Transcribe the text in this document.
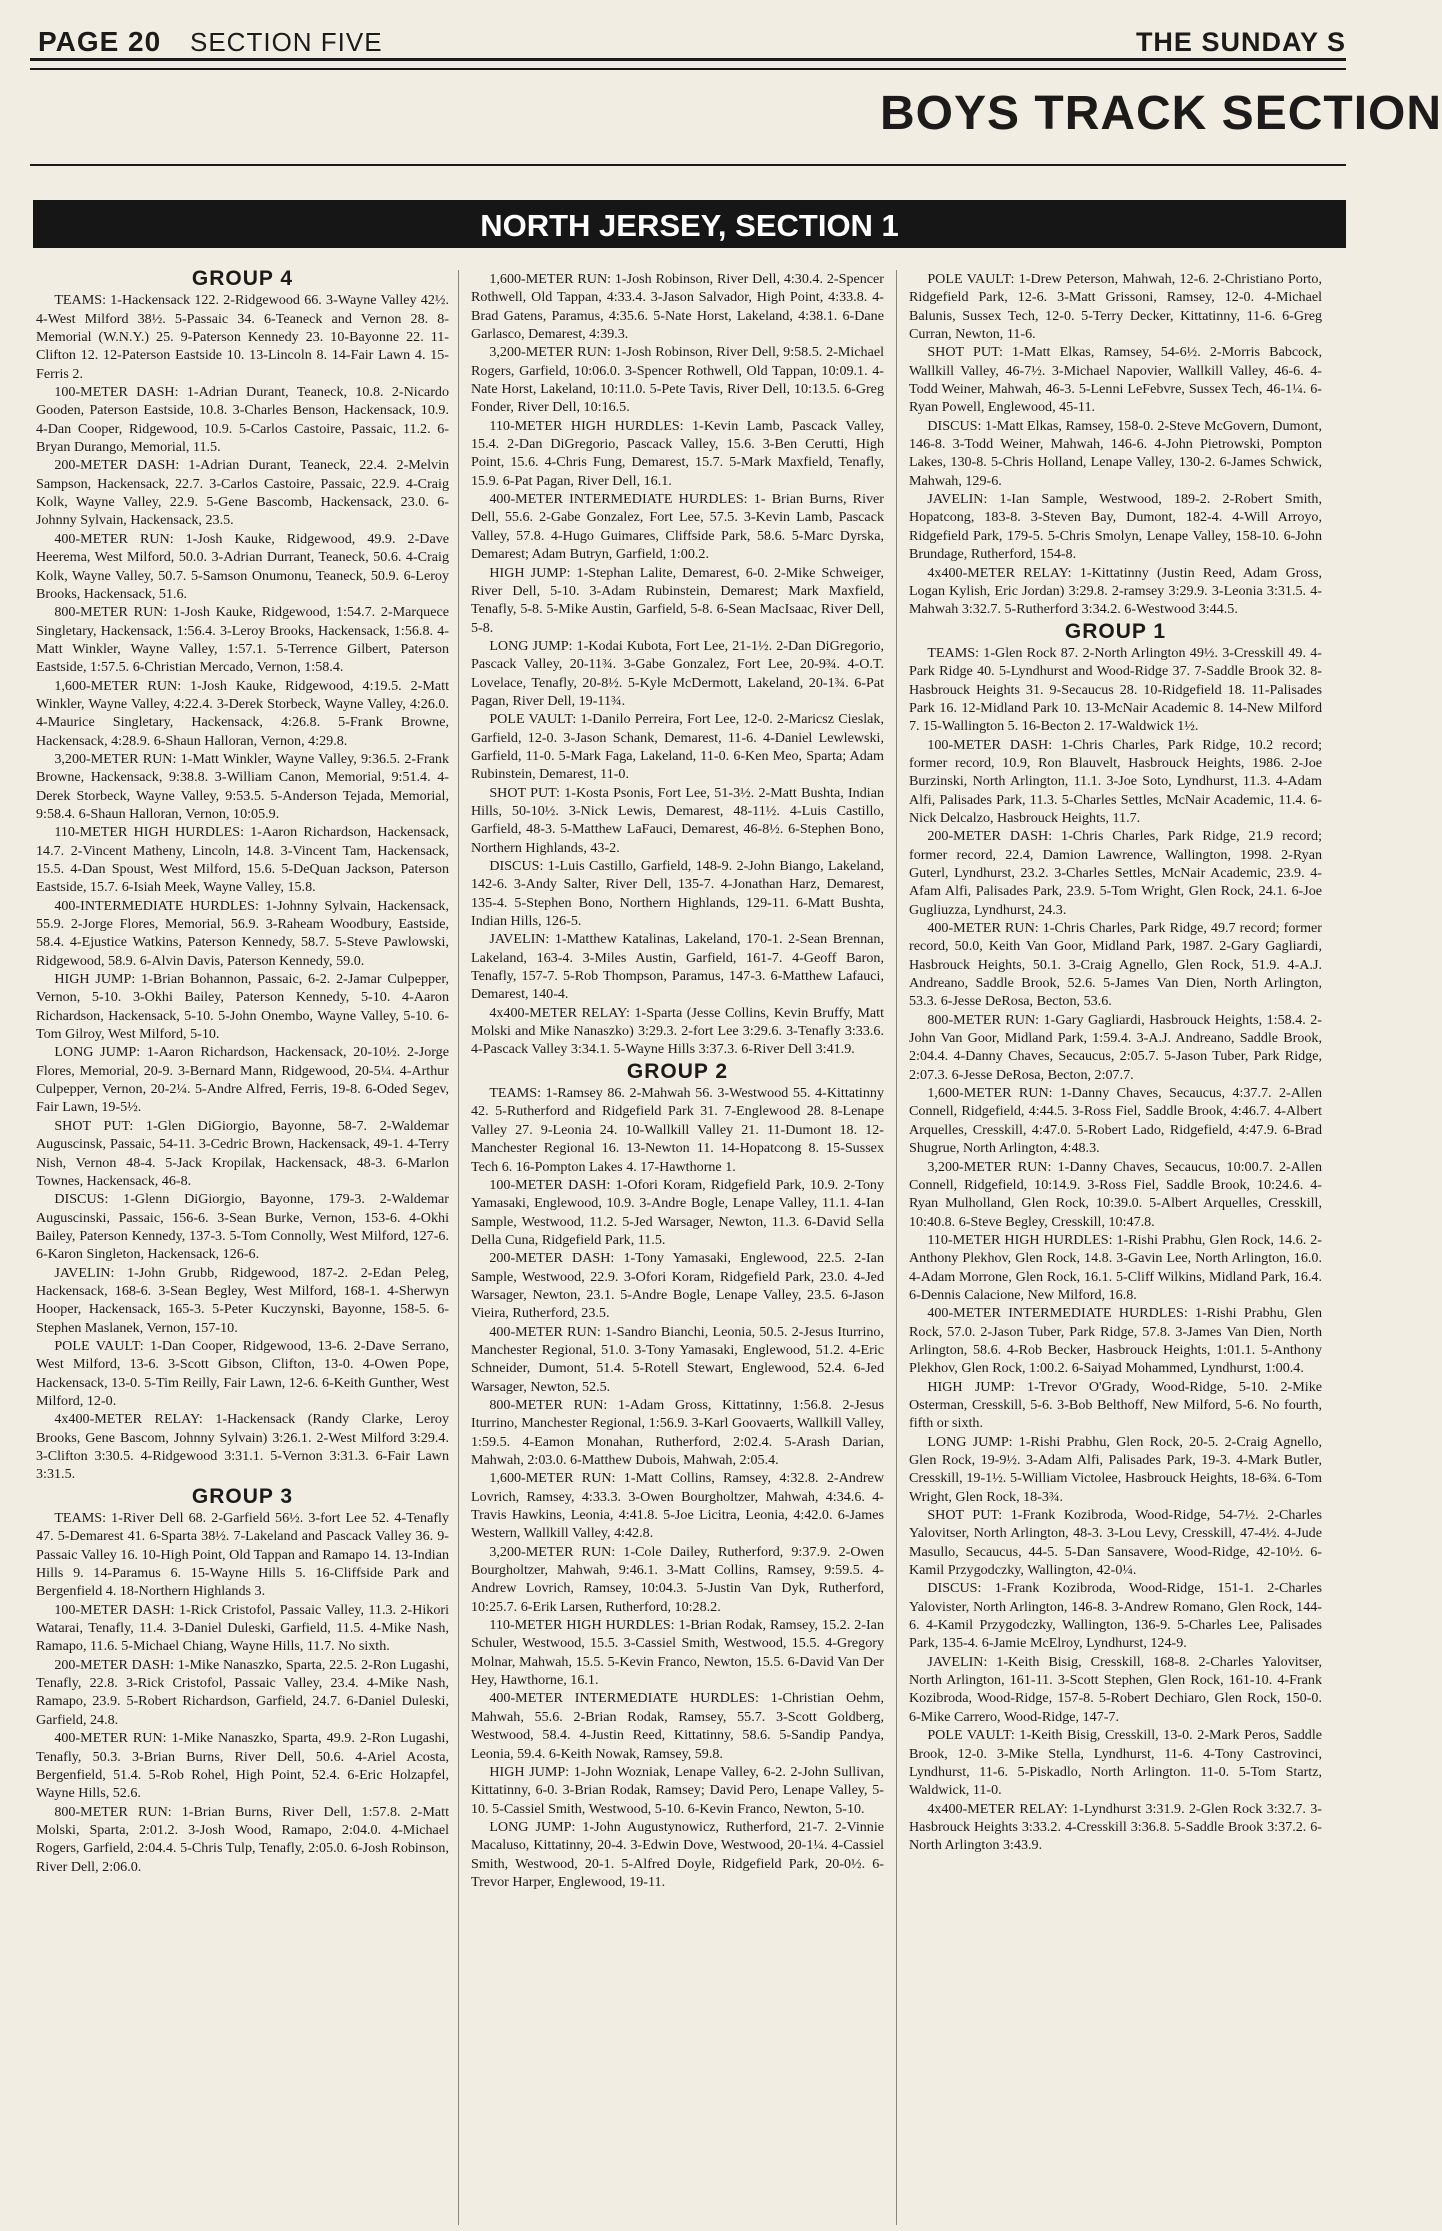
PAGE 20 SECTION FIVE	THE SUNDAY S
BOYS TRACK SECTION
NORTH JERSEY, SECTION 1
GROUP 4

TEAMS: 1-Hackensack 122. 2-Ridgewood 66. 3-Wayne Valley 42½. 4-West Milford 38½. 5-Passaic 34. 6-Teaneck and Vernon 28. 8-Memorial (W.N.Y.) 25. 9-Paterson Kennedy 23. 10-Bayonne 22. 11-Clifton 12. 12-Paterson Eastside 10. 13-Lincoln 8. 14-Fair Lawn 4. 15-Ferris 2.

100-METER DASH: 1-Adrian Durant, Teaneck, 10.8. 2-Nicardo Gooden, Paterson Eastside, 10.8. 3-Charles Benson, Hackensack, 10.9. 4-Dan Cooper, Ridgewood, 10.9. 5-Carlos Castoire, Passaic, 11.2. 6-Bryan Durango, Memorial, 11.5.

200-METER DASH: 1-Adrian Durant, Teaneck, 22.4. 2-Melvin Sampson, Hackensack, 22.7. 3-Carlos Castoire, Passaic, 22.9. 4-Craig Kolk, Wayne Valley, 22.9. 5-Gene Bascomb, Hackensack, 23.0. 6-Johnny Sylvain, Hackensack, 23.5.

400-METER RUN: 1-Josh Kauke, Ridgewood, 49.9. 2-Dave Heerema, West Milford, 50.0. 3-Adrian Durrant, Teaneck, 50.6. 4-Craig Kolk, Wayne Valley, 50.7. 5-Samson Onumonu, Teaneck, 50.9. 6-Leroy Brooks, Hackensack, 51.6.

800-METER RUN: 1-Josh Kauke, Ridgewood, 1:54.7. 2-Marquece Singletary, Hackensack, 1:56.4. 3-Leroy Brooks, Hackensack, 1:56.8. 4-Matt Winkler, Wayne Valley, 1:57.1. 5-Terrence Gilbert, Paterson Eastside, 1:57.5. 6-Christian Mercado, Vernon, 1:58.4.

1,600-METER RUN: 1-Josh Kauke, Ridgewood, 4:19.5. 2-Matt Winkler, Wayne Valley, 4:22.4. 3-Derek Storbeck, Wayne Valley, 4:26.0. 4-Maurice Singletary, Hackensack, 4:26.8. 5-Frank Browne, Hackensack, 4:28.9. 6-Shaun Halloran, Vernon, 4:29.8.

3,200-METER RUN: 1-Matt Winkler, Wayne Valley, 9:36.5. 2-Frank Browne, Hackensack, 9:38.8. 3-William Canon, Memorial, 9:51.4. 4-Derek Storbeck, Wayne Valley, 9:53.5. 5-Anderson Tejada, Memorial, 9:58.4. 6-Shaun Halloran, Vernon, 10:05.9.

110-METER HIGH HURDLES: 1-Aaron Richardson, Hackensack, 14.7. 2-Vincent Matheny, Lincoln, 14.8. 3-Vincent Tam, Hackensack, 15.5. 4-Dan Spoust, West Milford, 15.6. 5-DeQuan Jackson, Paterson Eastside, 15.7. 6-Isiah Meek, Wayne Valley, 15.8.

400-INTERMEDIATE HURDLES: 1-Johnny Sylvain, Hackensack, 55.9. 2-Jorge Flores, Memorial, 56.9. 3-Raheam Woodbury, Eastside, 58.4. 4-Ejustice Watkins, Paterson Kennedy, 58.7. 5-Steve Pawlowski, Ridgewood, 58.9. 6-Alvin Davis, Paterson Kennedy, 59.0.

HIGH JUMP: 1-Brian Bohannon, Passaic, 6-2. 2-Jamar Culpepper, Vernon, 5-10. 3-Okhi Bailey, Paterson Kennedy, 5-10. 4-Aaron Richardson, Hackensack, 5-10. 5-John Onembo, Wayne Valley, 5-10. 6-Tom Gilroy, West Milford, 5-10.

LONG JUMP: 1-Aaron Richardson, Hackensack, 20-10½. 2-Jorge Flores, Memorial, 20-9. 3-Bernard Mann, Ridgewood, 20-5¼. 4-Arthur Culpepper, Vernon, 20-2¼. 5-Andre Alfred, Ferris, 19-8. 6-Oded Segev, Fair Lawn, 19-5½.

SHOT PUT: 1-Glen DiGiorgio, Bayonne, 58-7. 2-Waldemar Auguscinsk, Passaic, 54-11. 3-Cedric Brown, Hackensack, 49-1. 4-Terry Nish, Vernon 48-4. 5-Jack Kropilak, Hackensack, 48-3. 6-Marlon Townes, Hackensack, 46-8.

DISCUS: 1-Glenn DiGiorgio, Bayonne, 179-3. 2-Waldemar Auguscinski, Passaic, 156-6. 3-Sean Burke, Vernon, 153-6. 4-Okhi Bailey, Paterson Kennedy, 137-3. 5-Tom Connolly, West Milford, 127-6. 6-Karon Singleton, Hackensack, 126-6.

JAVELIN: 1-John Grubb, Ridgewood, 187-2. 2-Edan Peleg, Hackensack, 168-6. 3-Sean Begley, West Milford, 168-1. 4-Sherwyn Hooper, Hackensack, 165-3. 5-Peter Kuczynski, Bayonne, 158-5. 6-Stephen Maslanek, Vernon, 157-10.

POLE VAULT: 1-Dan Cooper, Ridgewood, 13-6. 2-Dave Serrano, West Milford, 13-6. 3-Scott Gibson, Clifton, 13-0. 4-Owen Pope, Hackensack, 13-0. 5-Tim Reilly, Fair Lawn, 12-6. 6-Keith Gunther, West Milford, 12-0.

4x400-METER RELAY: 1-Hackensack (Randy Clarke, Leroy Brooks, Gene Bascom, Johnny Sylvain) 3:26.1. 2-West Milford 3:29.4. 3-Clifton 3:30.5. 4-Ridgewood 3:31.1. 5-Vernon 3:31.3. 6-Fair Lawn 3:31.5.

GROUP 3

TEAMS: 1-River Dell 68. 2-Garfield 56½. 3-fort Lee 52. 4-Tenafly 47. 5-Demarest 41. 6-Sparta 38½. 7-Lakeland and Pascack Valley 36. 9-Passaic Valley 16. 10-High Point, Old Tappan and Ramapo 14. 13-Indian Hills 9. 14-Paramus 6. 15-Wayne Hills 5. 16-Cliffside Park and Bergenfield 4. 18-Northern Highlands 3.

100-METER DASH: 1-Rick Cristofol, Passaic Valley, 11.3. 2-Hikori Watarai, Tenafly, 11.4. 3-Daniel Duleski, Garfield, 11.5. 4-Mike Nash, Ramapo, 11.6. 5-Michael Chiang, Wayne Hills, 11.7. No sixth.

200-METER DASH: 1-Mike Nanaszko, Sparta, 22.5. 2-Ron Lugashi, Tenafly, 22.8. 3-Rick Cristofol, Passaic Valley, 23.4. 4-Mike Nash, Ramapo, 23.9. 5-Robert Richardson, Garfield, 24.7. 6-Daniel Duleski, Garfield, 24.8.

400-METER RUN: 1-Mike Nanaszko, Sparta, 49.9. 2-Ron Lugashi, Tenafly, 50.3. 3-Brian Burns, River Dell, 50.6. 4-Ariel Acosta, Bergenfield, 51.4. 5-Rob Rohel, High Point, 52.4. 6-Eric Holzapfel, Wayne Hills, 52.6.

800-METER RUN: 1-Brian Burns, River Dell, 1:57.8. 2-Matt Molski, Sparta, 2:01.2. 3-Josh Wood, Ramapo, 2:04.0. 4-Michael Rogers, Garfield, 2:04.4. 5-Chris Tulp, Tenafly, 2:05.0. 6-Josh Robinson, River Dell, 2:06.0.

1,600-METER RUN: 1-Josh Robinson, River Dell, 4:30.4. 2-Spencer Rothwell, Old Tappan, 4:33.4. 3-Jason Salvador, High Point, 4:33.8. 4-Brad Gatens, Paramus, 4:35.6. 5-Nate Horst, Lakeland, 4:38.1. 6-Dane Garlasco, Demarest, 4:39.3.

3,200-METER RUN: 1-Josh Robinson, River Dell, 9:58.5. 2-Michael Rogers, Garfield, 10:06.0. 3-Spencer Rothwell, Old Tappan, 10:09.1. 4-Nate Horst, Lakeland, 10:11.0. 5-Pete Tavis, River Dell, 10:13.5. 6-Greg Fonder, River Dell, 10:16.5.

110-METER HIGH HURDLES: 1-Kevin Lamb, Pascack Valley, 15.4. 2-Dan DiGregorio, Pascack Valley, 15.6. 3-Ben Cerutti, High Point, 15.6. 4-Chris Fung, Demarest, 15.7. 5-Mark Maxfield, Tenafly, 15.9. 6-Pat Pagan, River Dell, 16.1.

400-METER INTERMEDIATE HURDLES: 1- Brian Burns, River Dell, 55.6. 2-Gabe Gonzalez, Fort Lee, 57.5. 3-Kevin Lamb, Pascack Valley, 57.8. 4-Hugo Guimares, Cliffside Park, 58.6. 5-Marc Dyrska, Demarest; Adam Butryn, Garfield, 1:00.2.

HIGH JUMP: 1-Stephan Lalite, Demarest, 6-0. 2-Mike Schweiger, River Dell, 5-10. 3-Adam Rubinstein, Demarest; Mark Maxfield, Tenafly, 5-8. 5-Mike Austin, Garfield, 5-8. 6-Sean MacIsaac, River Dell, 5-8.

LONG JUMP: 1-Kodai Kubota, Fort Lee, 21-1½. 2-Dan DiGregorio, Pascack Valley, 20-11¾. 3-Gabe Gonzalez, Fort Lee, 20-9¾. 4-O.T. Lovelace, Tenafly, 20-8½. 5-Kyle McDermott, Lakeland, 20-1¾. 6-Pat Pagan, River Dell, 19-11¾.

POLE VAULT: 1-Danilo Perreira, Fort Lee, 12-0. 2-Maricsz Cieslak, Garfield, 12-0. 3-Jason Schank, Demarest, 11-6. 4-Daniel Lewlewski, Garfield, 11-0. 5-Mark Faga, Lakeland, 11-0. 6-Ken Meo, Sparta; Adam Rubinstein, Demarest, 11-0.

SHOT PUT: 1-Kosta Psonis, Fort Lee, 51-3½. 2-Matt Bushta, Indian Hills, 50-10½. 3-Nick Lewis, Demarest, 48-11½. 4-Luis Castillo, Garfield, 48-3. 5-Matthew LaFauci, Demarest, 46-8½. 6-Stephen Bono, Northern Highlands, 43-2.

DISCUS: 1-Luis Castillo, Garfield, 148-9. 2-John Biango, Lakeland, 142-6. 3-Andy Salter, River Dell, 135-7. 4-Jonathan Harz, Demarest, 135-4. 5-Stephen Bono, Northern Highlands, 129-11. 6-Matt Bushta, Indian Hills, 126-5.

JAVELIN: 1-Matthew Katalinas, Lakeland, 170-1. 2-Sean Brennan, Lakeland, 163-4. 3-Miles Austin, Garfield, 161-7. 4-Geoff Baron, Tenafly, 157-7. 5-Rob Thompson, Paramus, 147-3. 6-Matthew Lafauci, Demarest, 140-4.

4x400-METER RELAY: 1-Sparta (Jesse Collins, Kevin Bruffy, Matt Molski and Mike Nanaszko) 3:29.3. 2-fort Lee 3:29.6. 3-Tenafly 3:33.6. 4-Pascack Valley 3:34.1. 5-Wayne Hills 3:37.3. 6-River Dell 3:41.9.

GROUP 2

TEAMS: 1-Ramsey 86. 2-Mahwah 56. 3-Westwood 55. 4-Kittatinny 42. 5-Rutherford and Ridgefield Park 31. 7-Englewood 28. 8-Lenape Valley 27. 9-Leonia 24. 10-Wallkill Valley 21. 11-Dumont 18. 12-Manchester Regional 16. 13-Newton 11. 14-Hopatcong 8. 15-Sussex Tech 6. 16-Pompton Lakes 4. 17-Hawthorne 1.

100-METER DASH: 1-Ofori Koram, Ridgefield Park, 10.9. 2-Tony Yamasaki, Englewood, 10.9. 3-Andre Bogle, Lenape Valley, 11.1. 4-Ian Sample, Westwood, 11.2. 5-Jed Warsager, Newton, 11.3. 6-David Sella Della Cuna, Ridgefield Park, 11.5.

200-METER DASH: 1-Tony Yamasaki, Englewood, 22.5. 2-Ian Sample, Westwood, 22.9. 3-Ofori Koram, Ridgefield Park, 23.0. 4-Jed Warsager, Newton, 23.1. 5-Andre Bogle, Lenape Valley, 23.5. 6-Jason Vieira, Rutherford, 23.5.

400-METER RUN: 1-Sandro Bianchi, Leonia, 50.5. 2-Jesus Iturrino, Manchester Regional, 51.0. 3-Tony Yamasaki, Englewood, 51.2. 4-Eric Schneider, Dumont, 51.4. 5-Rotell Stewart, Englewood, 52.4. 6-Jed Warsager, Newton, 52.5.

800-METER RUN: 1-Adam Gross, Kittatinny, 1:56.8. 2-Jesus Iturrino, Manchester Regional, 1:56.9. 3-Karl Goovaerts, Wallkill Valley, 1:59.5. 4-Eamon Monahan, Rutherford, 2:02.4. 5-Arash Darian, Mahwah, 2:03.0. 6-Matthew Dubois, Mahwah, 2:05.4.

1,600-METER RUN: 1-Matt Collins, Ramsey, 4:32.8. 2-Andrew Lovrich, Ramsey, 4:33.3. 3-Owen Bourgholtzer, Mahwah, 4:34.6. 4-Travis Hawkins, Leonia, 4:41.8. 5-Joe Licitra, Leonia, 4:42.0. 6-James Western, Wallkill Valley, 4:42.8.

3,200-METER RUN: 1-Cole Dailey, Rutherford, 9:37.9. 2-Owen Bourgholtzer, Mahwah, 9:46.1. 3-Matt Collins, Ramsey, 9:59.5. 4-Andrew Lovrich, Ramsey, 10:04.3. 5-Justin Van Dyk, Rutherford, 10:25.7. 6-Erik Larsen, Rutherford, 10:28.2.

110-METER HIGH HURDLES: 1-Brian Rodak, Ramsey, 15.2. 2-Ian Schuler, Westwood, 15.5. 3-Cassiel Smith, Westwood, 15.5. 4-Gregory Molnar, Mahwah, 15.5. 5-Kevin Franco, Newton, 15.5. 6-David Van Der Hey, Hawthorne, 16.1.

400-METER INTERMEDIATE HURDLES: 1-Christian Oehm, Mahwah, 55.6. 2-Brian Rodak, Ramsey, 55.7. 3-Scott Goldberg, Westwood, 58.4. 4-Justin Reed, Kittatinny, 58.6. 5-Sandip Pandya, Leonia, 59.4. 6-Keith Nowak, Ramsey, 59.8.

HIGH JUMP: 1-John Wozniak, Lenape Valley, 6-2. 2-John Sullivan, Kittatinny, 6-0. 3-Brian Rodak, Ramsey; David Pero, Lenape Valley, 5-10. 5-Cassiel Smith, Westwood, 5-10. 6-Kevin Franco, Newton, 5-10.

LONG JUMP: 1-John Augustynowicz, Rutherford, 21-7. 2-Vinnie Macaluso, Kittatinny, 20-4. 3-Edwin Dove, Westwood, 20-1¼. 4-Cassiel Smith, Westwood, 20-1. 5-Alfred Doyle, Ridgefield Park, 20-0½. 6-Trevor Harper, Englewood, 19-11.

POLE VAULT: 1-Drew Peterson, Mahwah, 12-6. 2-Christiano Porto, Ridgefield Park, 12-6. 3-Matt Grissoni, Ramsey, 12-0. 4-Michael Balunis, Sussex Tech, 12-0. 5-Terry Decker, Kittatinny, 11-6. 6-Greg Curran, Newton, 11-6.

SHOT PUT: 1-Matt Elkas, Ramsey, 54-6½. 2-Morris Babcock, Wallkill Valley, 46-7½. 3-Michael Napovier, Wallkill Valley, 46-6. 4-Todd Weiner, Mahwah, 46-3. 5-Lenni LeFebvre, Sussex Tech, 46-1¼. 6-Ryan Powell, Englewood, 45-11.

DISCUS: 1-Matt Elkas, Ramsey, 158-0. 2-Steve McGovern, Dumont, 146-8. 3-Todd Weiner, Mahwah, 146-6. 4-John Pietrowski, Pompton Lakes, 130-8. 5-Chris Holland, Lenape Valley, 130-2. 6-James Schwick, Mahwah, 129-6.

JAVELIN: 1-Ian Sample, Westwood, 189-2. 2-Robert Smith, Hopatcong, 183-8. 3-Steven Bay, Dumont, 182-4. 4-Will Arroyo, Ridgefield Park, 179-5. 5-Chris Smolyn, Lenape Valley, 158-10. 6-John Brundage, Rutherford, 154-8.

4x400-METER RELAY: 1-Kittatinny (Justin Reed, Adam Gross, Logan Kylish, Eric Jordan) 3:29.8. 2-ramsey 3:29.9. 3-Leonia 3:31.5. 4-Mahwah 3:32.7. 5-Rutherford 3:34.2. 6-Westwood 3:44.5.

GROUP 1

TEAMS: 1-Glen Rock 87. 2-North Arlington 49½. 3-Cresskill 49. 4-Park Ridge 40. 5-Lyndhurst and Wood-Ridge 37. 7-Saddle Brook 32. 8-Hasbrouck Heights 31. 9-Secaucus 28. 10-Ridgefield 18. 11-Palisades Park 16. 12-Midland Park 10. 13-McNair Academic 8. 14-New Milford 7. 15-Wallington 5. 16-Becton 2. 17-Waldwick 1½.

100-METER DASH: 1-Chris Charles, Park Ridge, 10.2 record; former record, 10.9, Ron Blauvelt, Hasbrouck Heights, 1986. 2-Joe Burzinski, North Arlington, 11.1. 3-Joe Soto, Lyndhurst, 11.3. 4-Adam Alfi, Palisades Park, 11.3. 5-Charles Settles, McNair Academic, 11.4. 6-Nick Delcalzo, Hasbrouck Heights, 11.7.

200-METER DASH: 1-Chris Charles, Park Ridge, 21.9 record; former record, 22.4, Damion Lawrence, Wallington, 1998. 2-Ryan Guterl, Lyndhurst, 23.2. 3-Charles Settles, McNair Academic, 23.9. 4-Afam Alfi, Palisades Park, 23.9. 5-Tom Wright, Glen Rock, 24.1. 6-Joe Gugliuzza, Lyndhurst, 24.3.

400-METER RUN: 1-Chris Charles, Park Ridge, 49.7 record; former record, 50.0, Keith Van Goor, Midland Park, 1987. 2-Gary Gagliardi, Hasbrouck Heights, 50.1. 3-Craig Agnello, Glen Rock, 51.9. 4-A.J. Andreano, Saddle Brook, 52.6. 5-James Van Dien, North Arlington, 53.3. 6-Jesse DeRosa, Becton, 53.6.

800-METER RUN: 1-Gary Gagliardi, Hasbrouck Heights, 1:58.4. 2-John Van Goor, Midland Park, 1:59.4. 3-A.J. Andreano, Saddle Brook, 2:04.4. 4-Danny Chaves, Secaucus, 2:05.7. 5-Jason Tuber, Park Ridge, 2:07.3. 6-Jesse DeRosa, Becton, 2:07.7.

1,600-METER RUN: 1-Danny Chaves, Secaucus, 4:37.7. 2-Allen Connell, Ridgefield, 4:44.5. 3-Ross Fiel, Saddle Brook, 4:46.7. 4-Albert Arquelles, Cresskill, 4:47.0. 5-Robert Lado, Ridgefield, 4:47.9. 6-Brad Shugrue, North Arlington, 4:48.3.

3,200-METER RUN: 1-Danny Chaves, Secaucus, 10:00.7. 2-Allen Connell, Ridgefield, 10:14.9. 3-Ross Fiel, Saddle Brook, 10:24.6. 4-Ryan Mulholland, Glen Rock, 10:39.0. 5-Albert Arquelles, Cresskill, 10:40.8. 6-Steve Begley, Cresskill, 10:47.8.

110-METER HIGH HURDLES: 1-Rishi Prabhu, Glen Rock, 14.6. 2-Anthony Plekhov, Glen Rock, 14.8. 3-Gavin Lee, North Arlington, 16.0. 4-Adam Morrone, Glen Rock, 16.1. 5-Cliff Wilkins, Midland Park, 16.4. 6-Dennis Calacione, New Milford, 16.8.

400-METER INTERMEDIATE HURDLES: 1-Rishi Prabhu, Glen Rock, 57.0. 2-Jason Tuber, Park Ridge, 57.8. 3-James Van Dien, North Arlington, 58.6. 4-Rob Becker, Hasbrouck Heights, 1:01.1. 5-Anthony Plekhov, Glen Rock, 1:00.2. 6-Saiyad Mohammed, Lyndhurst, 1:00.4.

HIGH JUMP: 1-Trevor O'Grady, Wood-Ridge, 5-10. 2-Mike Osterman, Cresskill, 5-6. 3-Bob Belthoff, New Milford, 5-6. No fourth, fifth or sixth.

LONG JUMP: 1-Rishi Prabhu, Glen Rock, 20-5. 2-Craig Agnello, Glen Rock, 19-9½. 3-Adam Alfi, Palisades Park, 19-3. 4-Mark Butler, Cresskill, 19-1½. 5-William Victolee, Hasbrouck Heights, 18-6¾. 6-Tom Wright, Glen Rock, 18-3¾.

SHOT PUT: 1-Frank Kozibroda, Wood-Ridge, 54-7½. 2-Charles Yalovitser, North Arlington, 48-3. 3-Lou Levy, Cresskill, 47-4½. 4-Jude Masullo, Secaucus, 44-5. 5-Dan Sansavere, Wood-Ridge, 42-10½. 6-Kamil Przygodczky, Wallington, 42-0¼.

DISCUS: 1-Frank Kozibroda, Wood-Ridge, 151-1. 2-Charles Yalovister, North Arlington, 146-8. 3-Andrew Romano, Glen Rock, 144-6. 4-Kamil Przygodczky, Wallington, 136-9. 5-Charles Lee, Palisades Park, 135-4. 6-Jamie McElroy, Lyndhurst, 124-9.

JAVELIN: 1-Keith Bisig, Cresskill, 168-8. 2-Charles Yalovitser, North Arlington, 161-11. 3-Scott Stephen, Glen Rock, 161-10. 4-Frank Kozibroda, Wood-Ridge, 157-8. 5-Robert Dechiaro, Glen Rock, 150-0. 6-Mike Carrero, Wood-Ridge, 147-7.

POLE VAULT: 1-Keith Bisig, Cresskill, 13-0. 2-Mark Peros, Saddle Brook, 12-0. 3-Mike Stella, Lyndhurst, 11-6. 4-Tony Castrovinci, Lyndhurst, 11-6. 5-Piskadlo, North Arlington. 11-0. 5-Tom Startz, Waldwick, 11-0.

4x400-METER RELAY: 1-Lyndhurst 3:31.9. 2-Glen Rock 3:32.7. 3-Hasbrouck Heights 3:33.2. 4-Cresskill 3:36.8. 5-Saddle Brook 3:37.2. 6-North Arlington 3:43.9.
